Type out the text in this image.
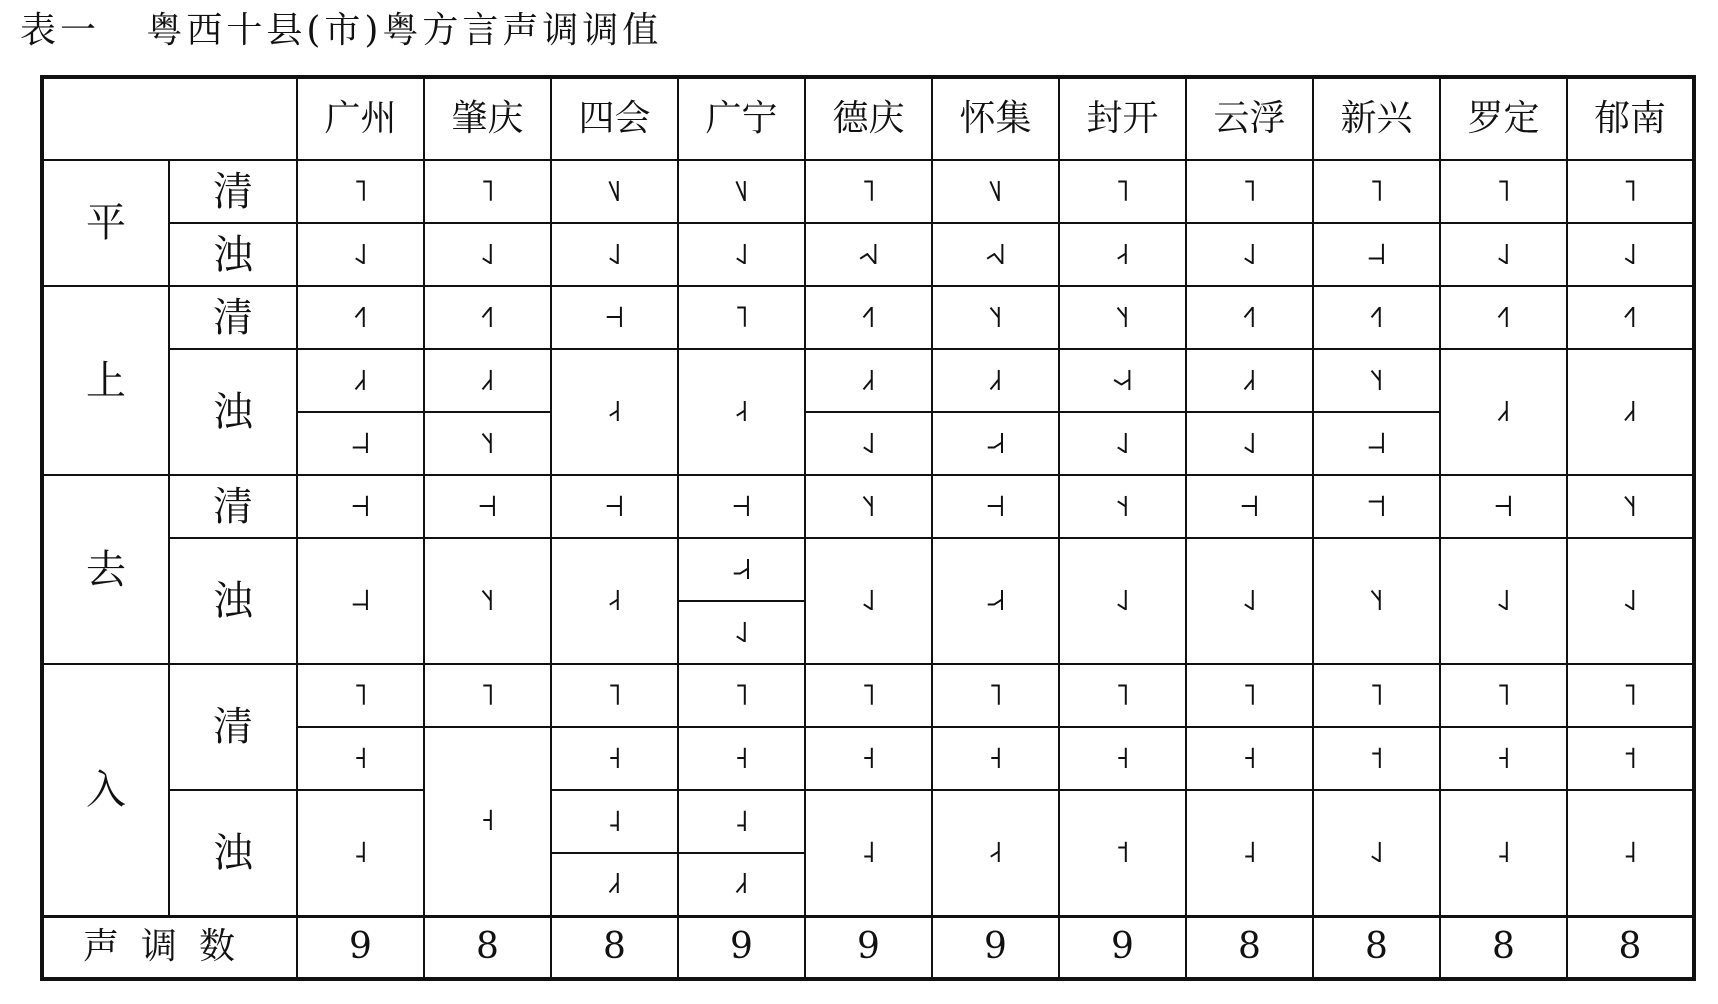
表一   粤西十县(市)粤方言声调调值
		广州	肇庆	四会	广宁	德庆	怀集	封开	云浮	新兴	罗定	郁南
平	清	˥	˥	˥˩	˥˩	˥	˥˩	˥	˥	˥	˥	˥
	浊	˨˩	˨˩	˨˩	˨˩	˨˧˩	˨˧˩	˨˧	˨˩	˨˨	˨˩	˨˩
上	清	˧˥	˧˥	˧˧	˥	˧˥	˥˧	˥˧	˧˥	˧˥	˧˥	˧˥
	浊	˩˧	˩˧	˨˧	˨˧	˩˧	˩˧	˧˨˧	˩˧	˥˧	˩˧	˩˧
		˨˨	˥˧			˨˩	˨˨˧	˨˩	˨˩	˨˨		
去	清	˧˧	˧˧	˧˧	˧˧	˥˧	˧˧	˦˧	˧˧	˦˦	˧˧	˥˧
	浊	˨˨	˥˧	˨˧	˨˨˧	˨˩	˨˨˧	˨˩	˨˩	˥˧	˨˩	˨˩
					˨˩							
入	清	˥	˥	˥	˥	˥	˥	˥	˥	˥	˥	˥
		˧	˧	˧	˧	˧	˧	˧	˧	˦	˧	˦
	浊	˨		˨	˨	˨	˨˧	˦	˨	˨˩	˨	˨
				˩˧	˩˧							
声调数		9	8	8	9	9	9	9	8	8	8	8
